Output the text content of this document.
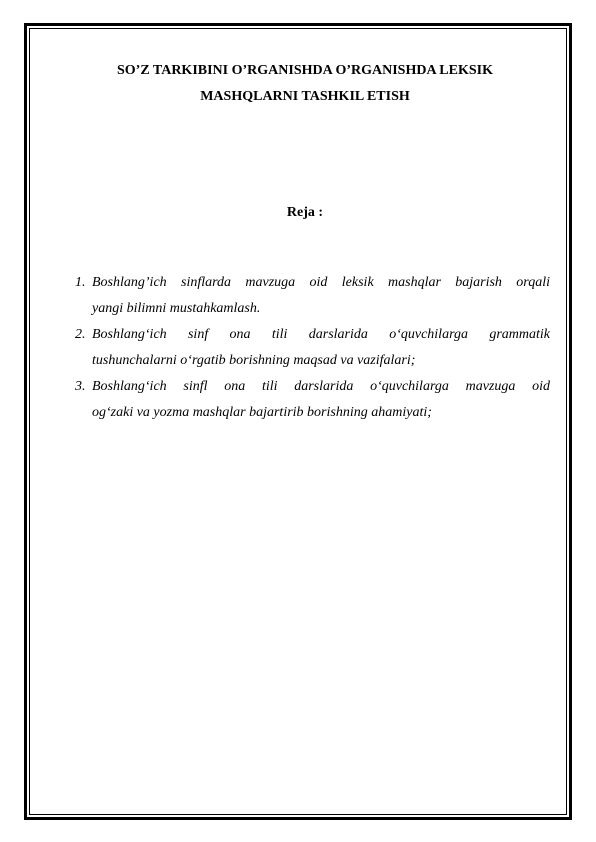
SO’Z TARKIBINI O’RGANISHDA O’RGANISHDA LEKSIK
MASHQLARNI TASHKIL ETISH
Reja :
1. Boshlang’ich sinflarda mavzuga oid leksik mashqlar bajarish orqali
yangi bilimni mustahkamlash.
2. Boshlang‘ich sinf ona tili darslarida o‘quvchilarga grammatik
tushunchalarni o‘rgatib borishning maqsad va vazifalari;
3. Boshlang‘ich sinfl ona tili darslarida o‘quvchilarga mavzuga oid
og‘zaki va yozma mashqlar bajartirib borishning ahamiyati;
